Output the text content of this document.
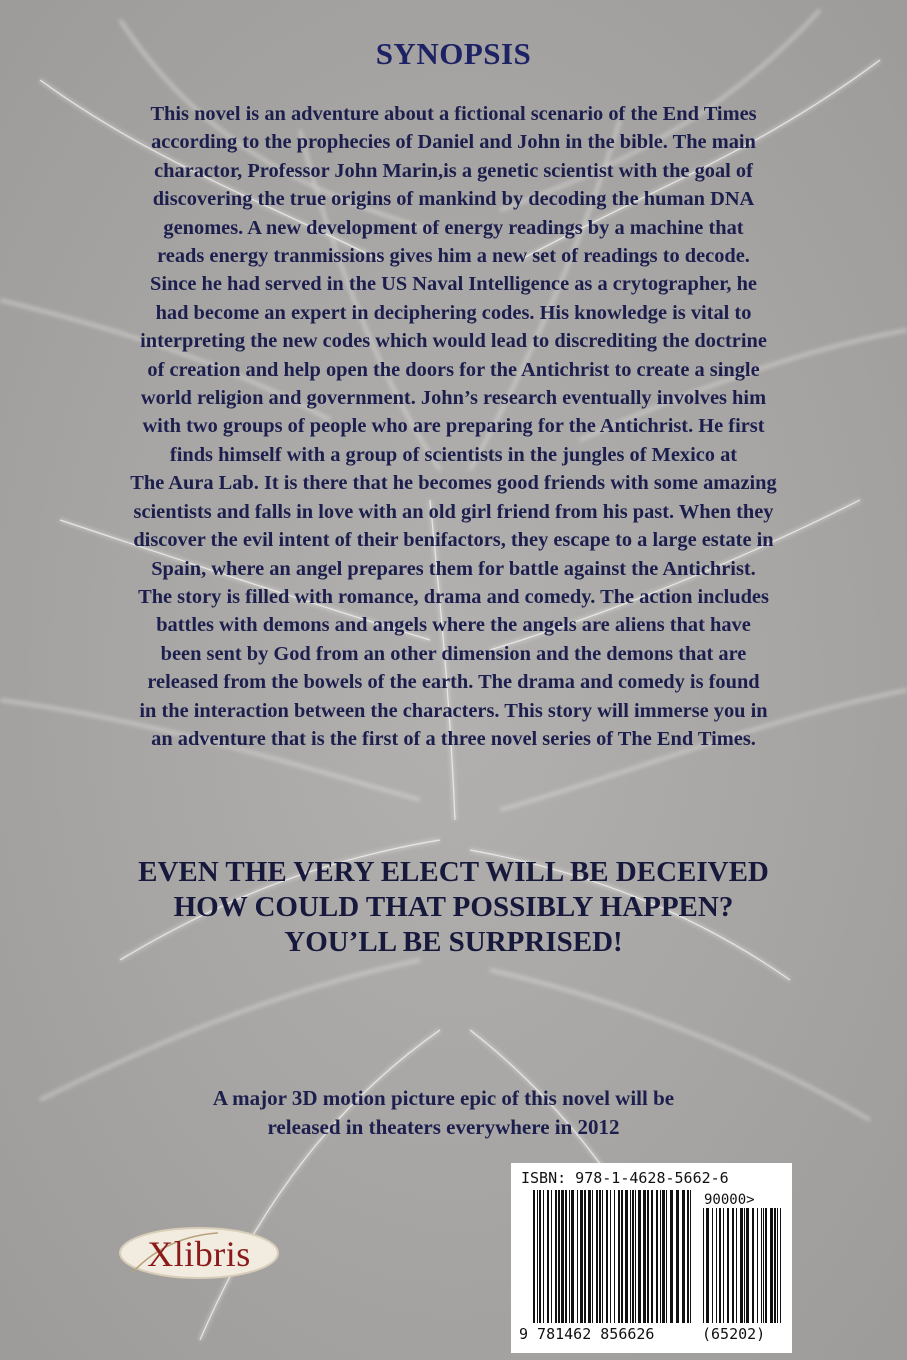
SYNOPSIS
This novel is an adventure about a fictional scenario of the End Times
according to the prophecies of Daniel and John in the bible. The main
charactor, Professor John Marin,is a genetic scientist with the goal of
discovering the true origins of mankind by decoding the human DNA
genomes. A new development of energy readings by a machine that
reads energy tranmissions gives him a new set of readings to decode.
Since he had served in the US Naval Intelligence as a crytographer, he
had become an expert in deciphering codes. His knowledge is vital to
interpreting the new codes which would lead to discrediting the doctrine
of creation and help open the doors for the Antichrist to create a single
world religion and government. John’s research eventually involves him
with two groups of people who are preparing for the Antichrist. He first
finds himself with a group of scientists in the jungles of Mexico at
The Aura Lab. It is there that he becomes good friends with some amazing
scientists and falls in love with an old girl friend from his past. When they
discover the evil intent of their benifactors, they escape to a large estate in
Spain, where an angel prepares them for battle against the Antichrist.
The story is filled with romance, drama and comedy. The action includes
battles with demons and angels where the angels are aliens that have
been sent by God from an other dimension and the demons that are
released from the bowels of the earth. The drama and comedy is found
in the interaction between the characters. This story will immerse you in
an adventure that is the first of a three novel series of The End Times.
EVEN THE VERY ELECT WILL BE DECEIVED
HOW COULD THAT POSSIBLY HAPPEN?
YOU’LL BE SURPRISED!
A major 3D motion picture epic of this novel will be
released in theaters everywhere in 2012
Xlibris
ISBN: 978-1-4628-5662-6
90000>
9 781462 856626	(65202)
